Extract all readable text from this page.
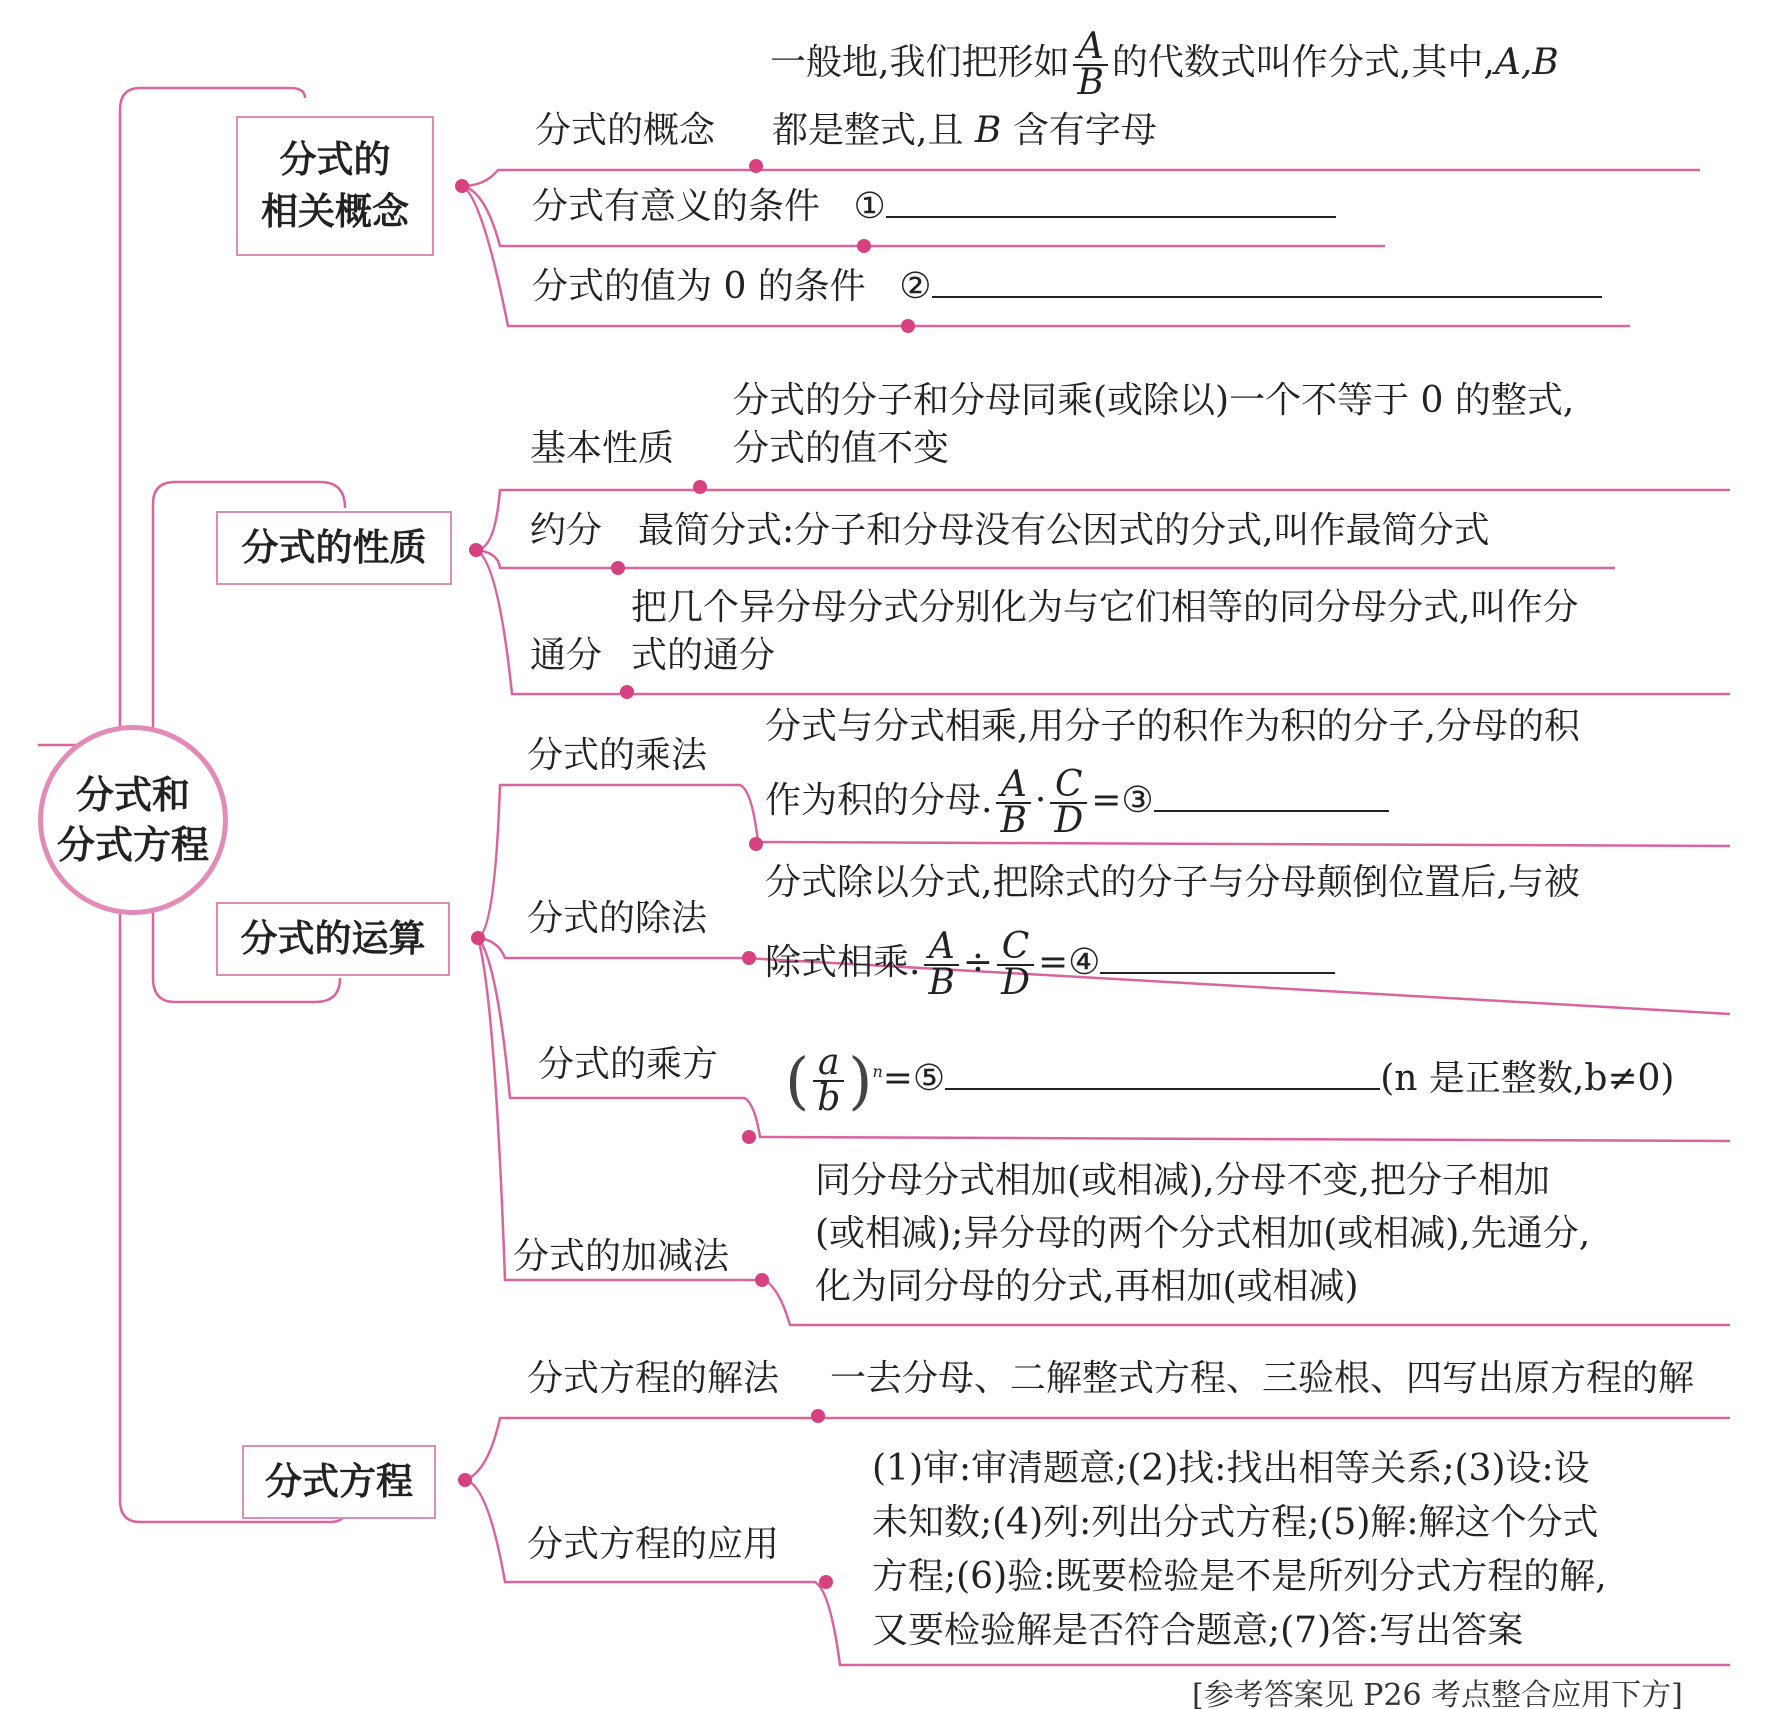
分式和
分式方程
分式的
相关概念
分式的性质
分式的运算
分式方程
一般地,我们把形如 $\frac{A}{B}$ 的代数式叫作分式,其中,A,B
分式的概念 都是整式,且 B 含有字母
分式有意义的条件 ①
分式的值为 0 的条件 ②
分式的分子和分母同乘(或除以)一个不等于 0 的整式,
基本性质 分式的值不变
约分 最简分式:分子和分母没有公因式的分式,叫作最简分式
把几个异分母分式分别化为与它们相等的同分母分式,叫作分
通分 式的通分
分式与分式相乘,用分子的积作为积的分子,分母的积
分式的乘法
作为积的分母. $\frac{A}{B} \cdot \frac{C}{D}$ =③
分式除以分式,把除式的分子与分母颠倒位置后,与被
分式的除法
除式相乘. $\frac{A}{B} \div \frac{C}{D}$ =④
分式的乘方 ( $\frac{a}{b}$ )$^n$=⑤	(n 是正整数,b≠0)
同分母分式相加(或相减),分母不变,把分子相加
(或相减);异分母的两个分式相加(或相减),先通分,
分式的加减法
化为同分母的分式,再相加(或相减)
分式方程的解法 一去分母、二解整式方程、三验根、四写出原方程的解
(1)审:审清题意;(2)找:找出相等关系;(3)设:设
未知数;(4)列:列出分式方程;(5)解:解这个分式
分式方程的应用
方程;(6)验:既要检验是不是所列分式方程的解,
又要检验解是否符合题意;(7)答:写出答案
[参考答案见 P26 考点整合应用下方]
